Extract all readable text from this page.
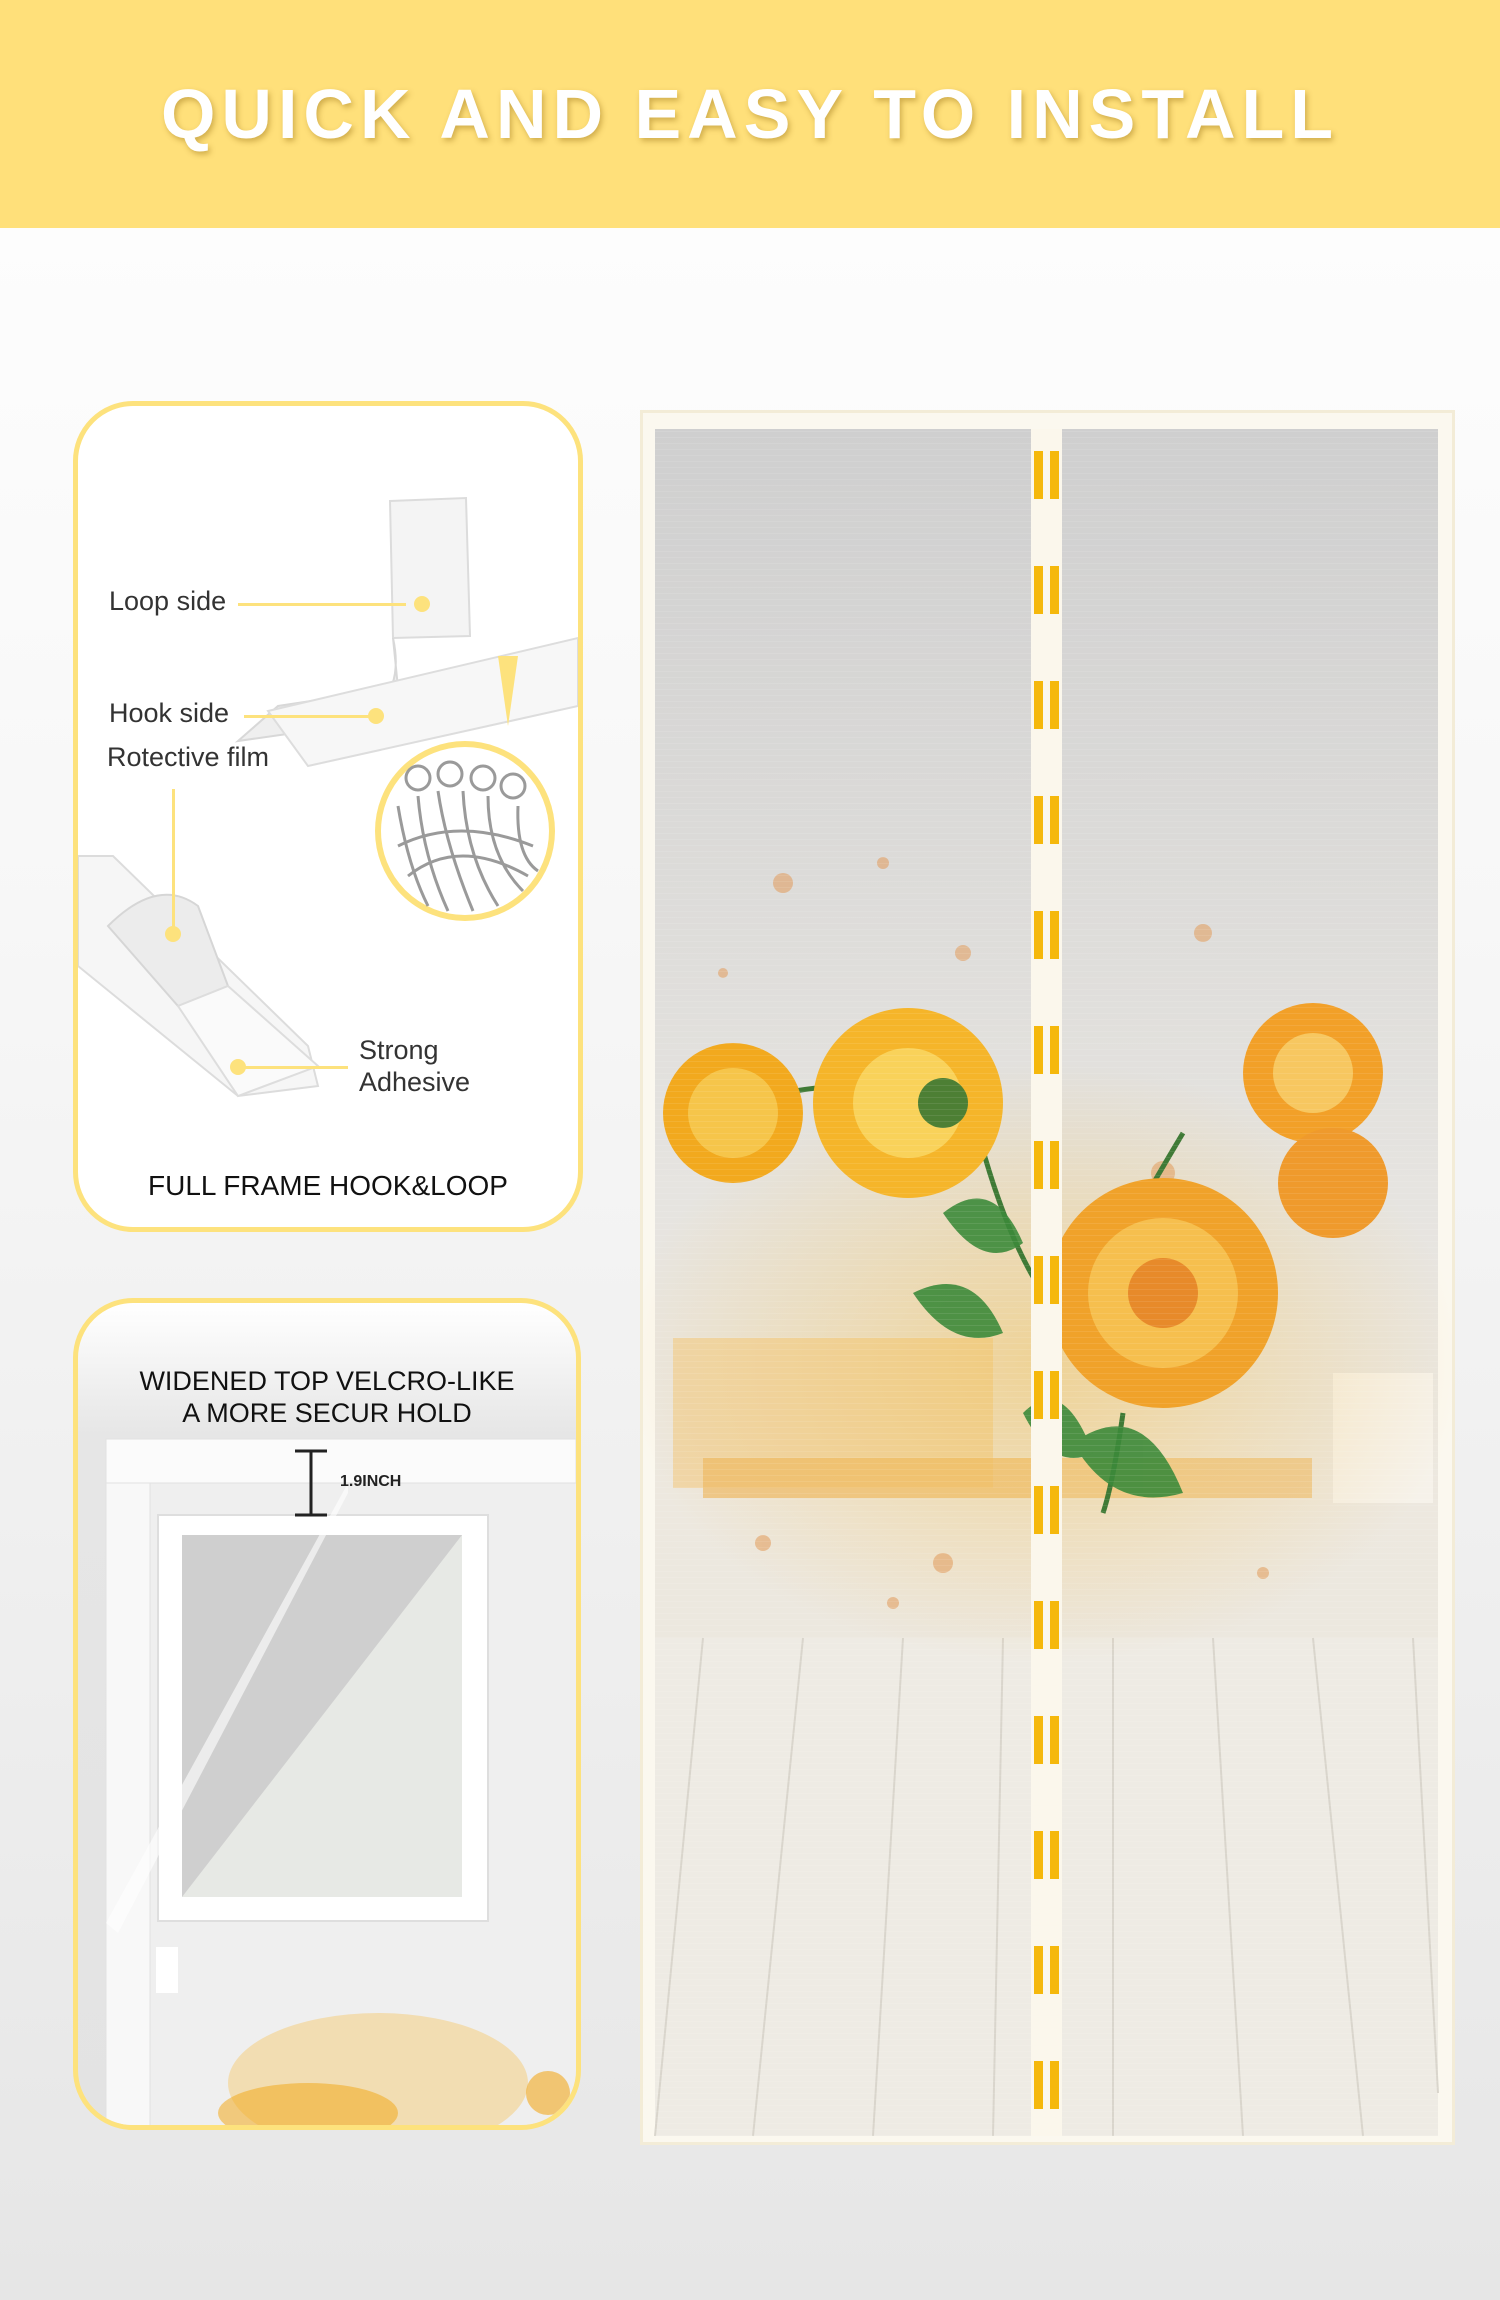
QUICK AND EASY TO INSTALL
Loop side
Hook side
Rotective film
Strong
Adhesive
FULL FRAME HOOK&LOOP
WIDENED TOP VELCRO-LIKE
A MORE SECUR HOLD
1.9INCH
